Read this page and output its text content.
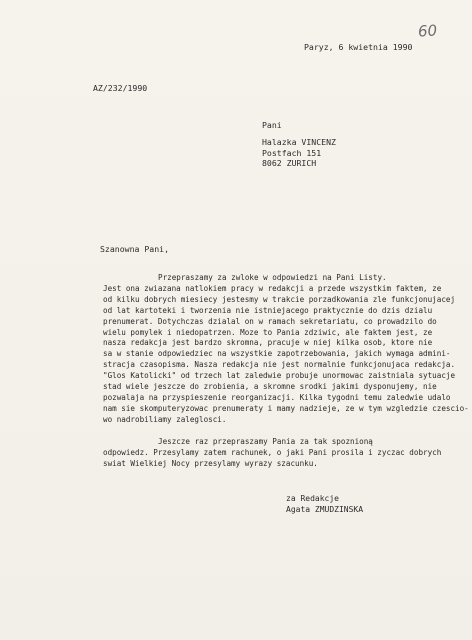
60
Paryz, 6 kwietnia 1990
AZ/232/1990
Pani
Halazka VINCENZ
Postfach 151
8062 ZURICH
Szanowna Pani,
Przepraszamy za zwloke w odpowiedzi na Pani Listy.
Jest ona zwiazana natlokiem pracy w redakcji a przede wszystkim faktem, ze
od kilku dobrych miesiecy jestesmy w trakcie porzadkowania zle funkcjonujacej
od lat kartoteki i tworzenia nie istniejacego praktycznie do dzis dzialu
prenumerat. Dotychczas dzialal on w ramach sekretariatu, co prowadzilo do
wielu pomylek i niedopatrzen. Moze to Pania zdziwic, ale faktem jest, ze
nasza redakcja jest bardzo skromna, pracuje w niej kilka osob, ktore nie
sa w stanie odpowiedziec na wszystkie zapotrzebowania, jakich wymaga admini-
stracja czasopisma. Nasza redakcja nie jest normalnie funkcjonujaca redakcja.
"Glos Katolicki" od trzech lat zaledwie probuje unormowac zaistniala sytuacje
stad wiele jeszcze do zrobienia, a skromne srodki jakimi dysponujemy, nie
pozwalaja na przyspieszenie reorganizacji. Kilka tygodni temu zaledwie udalo
nam sie skomputeryzowac prenumeraty i mamy nadzieje, ze w tym wzgledzie czescio-
wo nadrobiliamy zaleglosci.
Jeszcze raz przepraszamy Pania za tak spoznioną
odpowiedz. Przesylamy zatem rachunek, o jaki Pani prosila i zyczac dobrych
swiat Wielkiej Nocy przesylamy wyrazy szacunku.
za Redakcje
Agata ZMUDZINSKA
